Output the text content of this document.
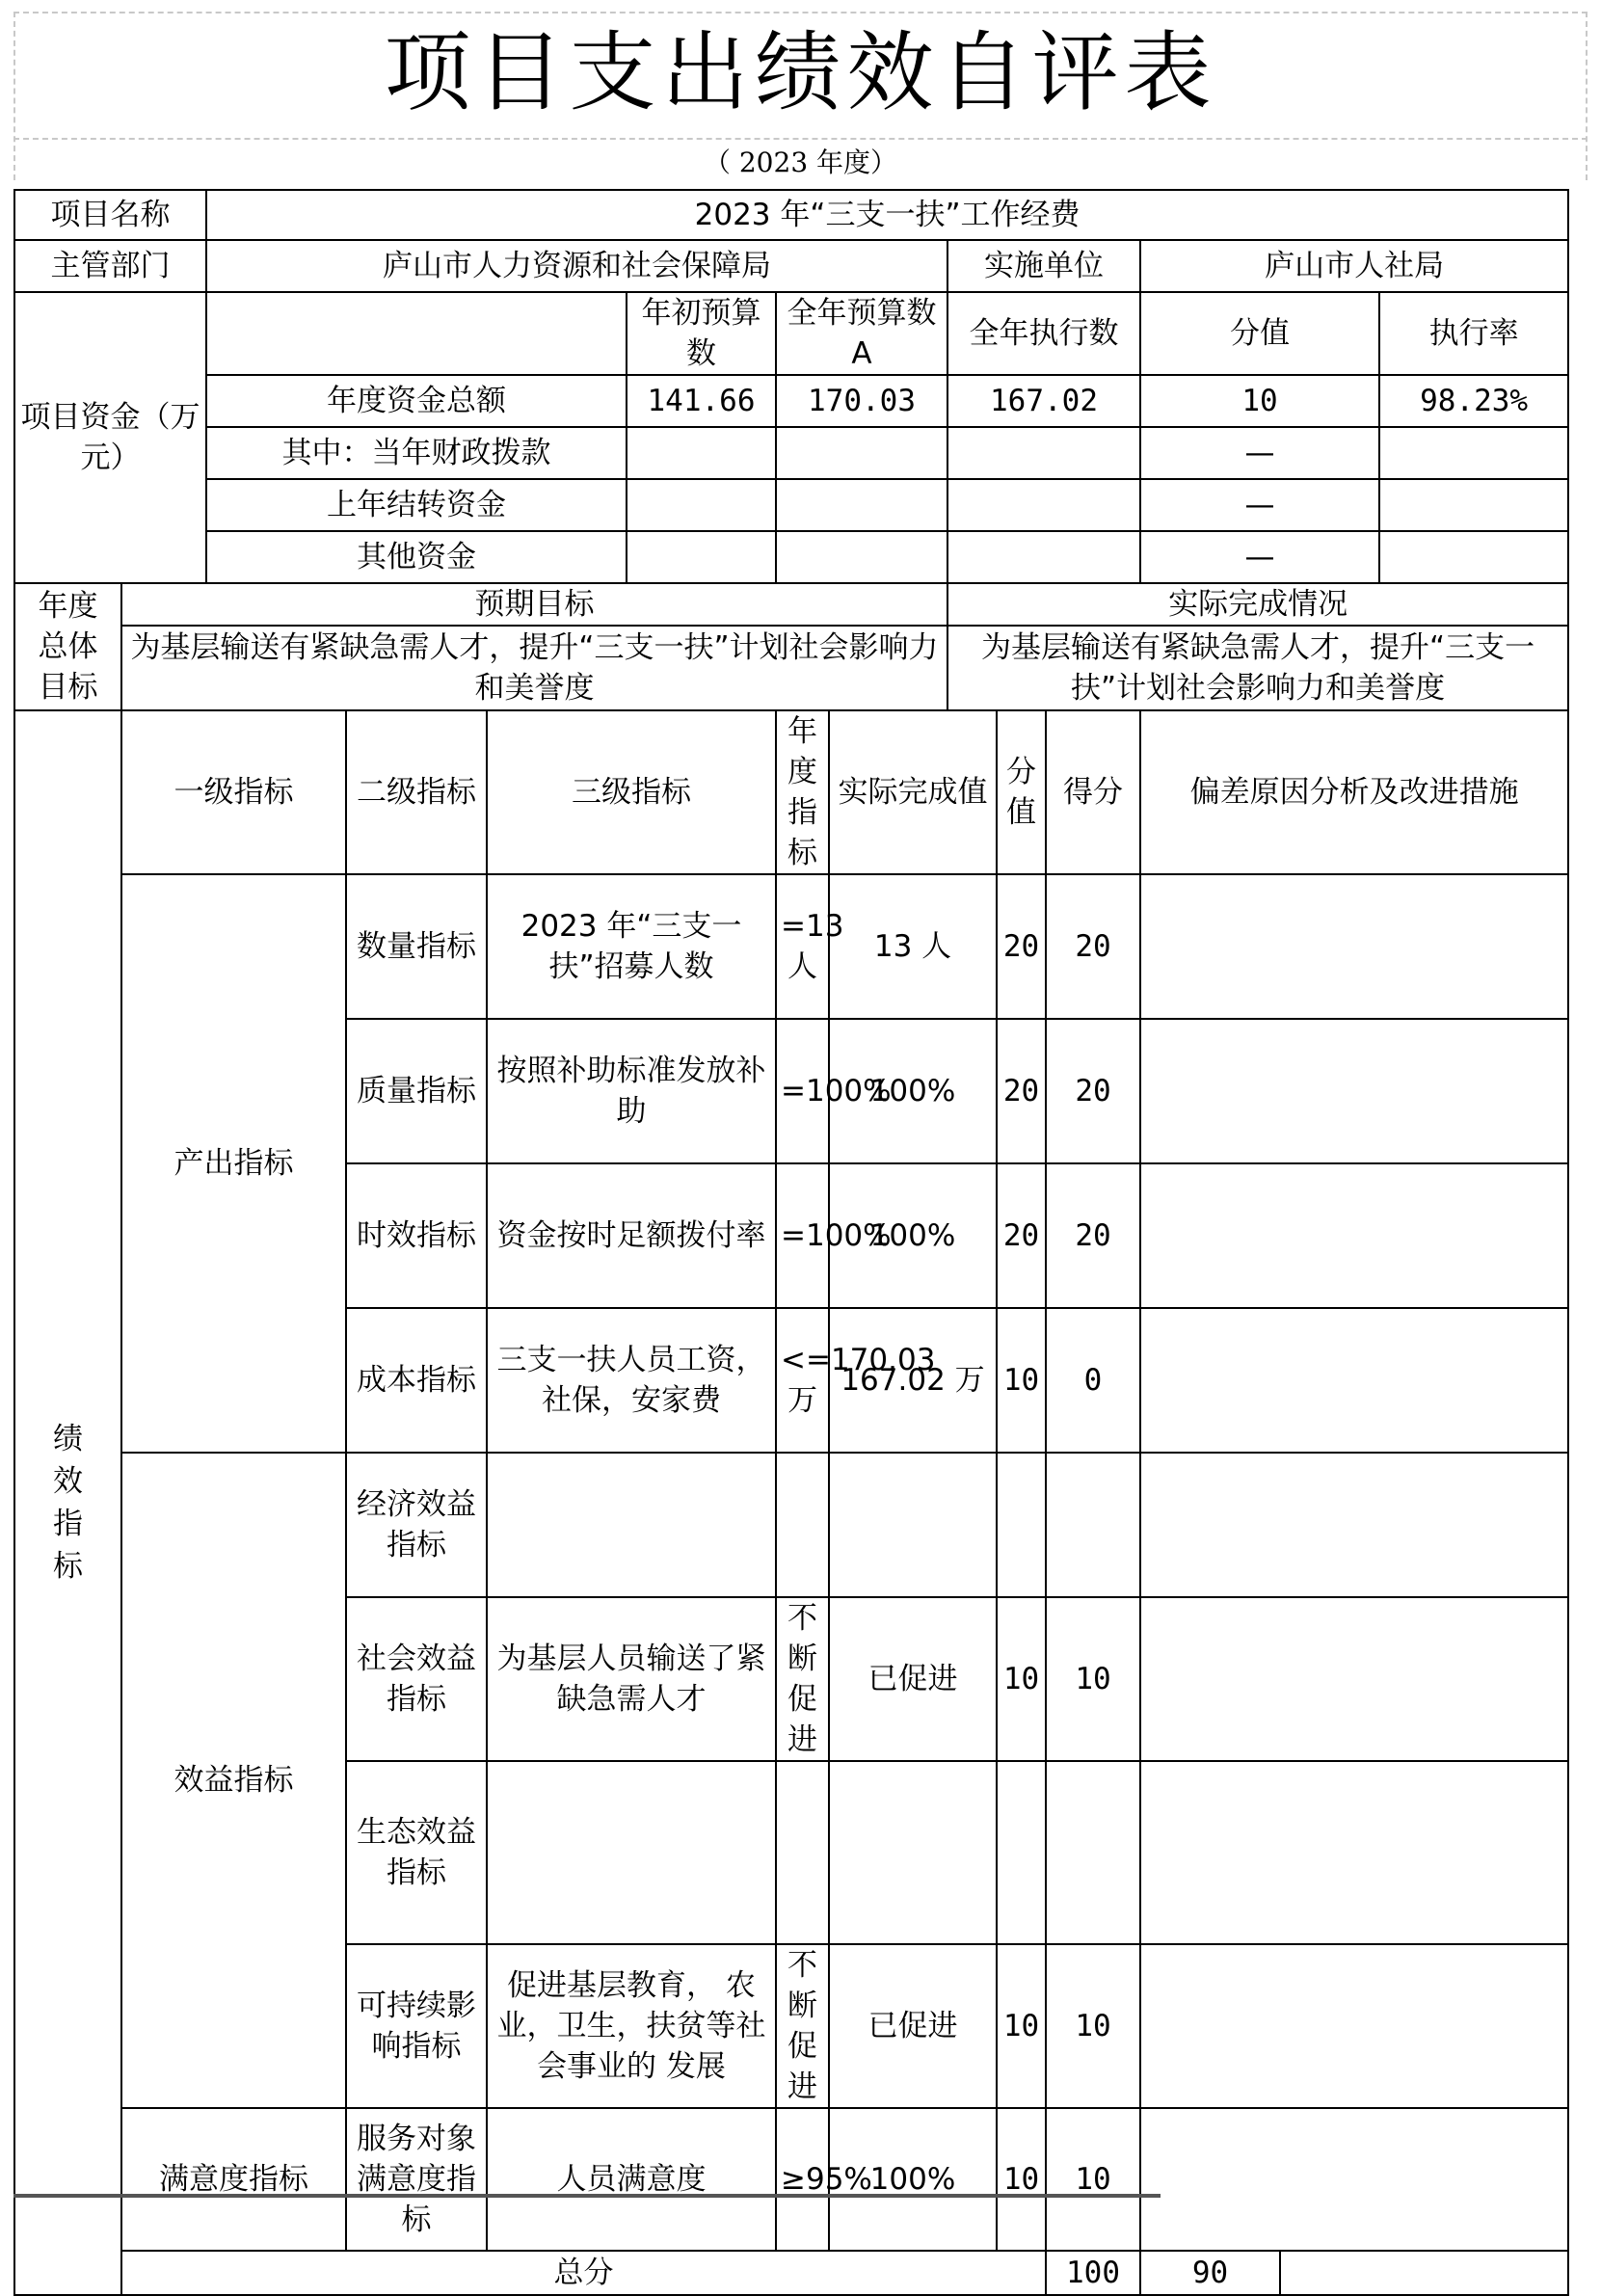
项目支出绩效自评表
（ 2023 年度）
项目名称		2023 年“三支一扶”工作经费												
主管部门		庐山市人力资源和社会保障局						实施单位			庐山市人社局			
项目资金（万元）					年初预算数	全年预算数 A		全年执行数			分值		执行率	
		年度资金总额			141.66	170.03		167.02			10		98.23%	
		其中：当年财政拨款									—		
		上年结转资金									—		
		其他资金									—		
年度总体目标	预期目标							实际完成情况						
	为基层输送有紧缺急需人才，提升“三支一扶”计划社会影响力和美誉度							为基层输送有紧缺急需人才，提升“三支一扶”计划社会影响力和美誉度						
绩效指标	一级指标		二级指标	三级指标		年度指标	实际完成值		分值	得分	偏差原因分析及改进措施			
	产出指标		数量指标	2023 年“三支一扶”招募人数		=13 人	13 人		20	20				
			质量指标	按照补助标准发放补助		=100%	100%		20	20				
			时效指标	资金按时足额拨付率		=100%	100%		20	20				
			成本指标	三支一扶人员工资，社保，安家费		<=170.03 万	167.02 万		10	0				
	效益指标		经济效益指标											
			社会效益指标	为基层人员输送了紧缺急需人才		不断促进	已促进		10	10				
			生态效益指标											
			可持续影响指标	促进基层教育， 农业，卫生，扶贫等社会事业的 发展		不断促进	已促进		10	10				
	满意度指标		服务对象满意度指标	人员满意度		≥95%	100%		10	10				
	总分									100	90			
